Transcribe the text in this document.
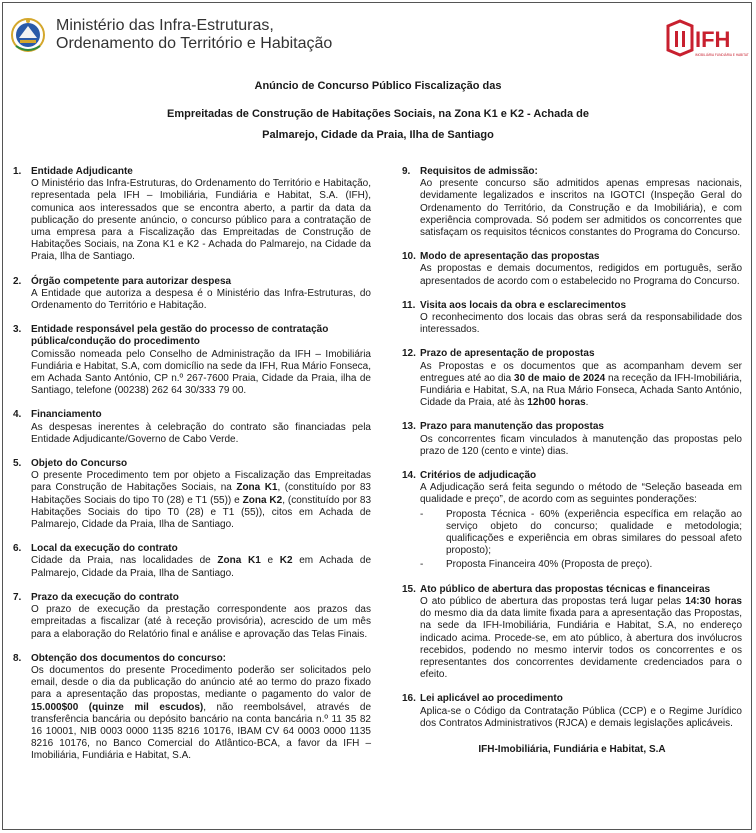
Ministério das Infra-Estruturas,
Ordenamento do Território e Habitação	IFH
IMOBILIÁRIA FUNDIÁRIA E HABITAT
Anúncio de Concurso Público Fiscalização das
Empreitadas de Construção de Habitações Sociais, na Zona K1 e K2 - Achada de
Palmarejo, Cidade da Praia, Ilha de Santiago
1. Entidade Adjudicante
O Ministério das Infra-Estruturas, do Ordenamento do Território e Habitação, representada pela IFH – Imobiliária, Fundiária e Habitat, S.A. (IFH), comunica aos interessados que se encontra aberto, a partir da data da publicação do presente anúncio, o concurso público para a contratação de uma empresa para a Fiscalização das Empreitadas de Construção de Habitações Sociais, na Zona K1 e K2 - Achada do Palmarejo, na Cidade da Praia, Ilha de Santiago.
2. Órgão competente para autorizar despesa
A Entidade que autoriza a despesa é o Ministério das Infra-Estruturas, do Ordenamento do Território e Habitação.
3. Entidade responsável pela gestão do processo de contratação pública/condução do procedimento
Comissão nomeada pelo Conselho de Administração da IFH – Imobiliária Fundiária e Habitat, S.A, com domicílio na sede da IFH, Rua Mário Fonseca, em Achada Santo António, CP n.º 267-7600 Praia, Cidade da Praia, ilha de Santiago, telefone (00238) 262 64 30/333 79 00.
4. Financiamento
As despesas inerentes à celebração do contrato são financiadas pela Entidade Adjudicante/Governo de Cabo Verde.
5. Objeto do Concurso
O presente Procedimento tem por objeto a Fiscalização das Empreitadas para Construção de Habitações Sociais, na Zona K1, (constituído por 83 Habitações Sociais do tipo T0 (28) e T1 (55)) e Zona K2, (constituído por 83 Habitações Sociais do tipo T0 (28) e T1 (55)), citos em Achada de Palmarejo, Cidade da Praia, Ilha de Santiago.
6. Local da execução do contrato
Cidade da Praia, nas localidades de Zona K1 e K2 em Achada de Palmarejo, Cidade da Praia, Ilha de Santiago.
7. Prazo da execução do contrato
O prazo de execução da prestação correspondente aos prazos das empreitadas a fiscalizar (até à receção provisória), acrescido de um mês para a elaboração do Relatório final e análise e aprovação das Telas Finais.
8. Obtenção dos documentos do concurso:
Os documentos do presente Procedimento poderão ser solicitados pelo email, desde o dia da publicação do anúncio até ao termo do prazo fixado para a apresentação das propostas, mediante o pagamento do valor de 15.000$00 (quinze mil escudos), não reembolsável, através de transferência bancária ou depósito bancário na conta bancária n.º 11 35 82 16 10001, NIB 0003 0000 1135 8216 10176, IBAM CV 64 0003 0000 1135 8216 10176, no Banco Comercial do Atlântico-BCA, a favor da IFH – Imobiliária, Fundiária e Habitat, S.A.
9. Requisitos de admissão:
Ao presente concurso são admitidos apenas empresas nacionais, devidamente legalizados e inscritos na IGOTCI (Inspeção Geral do Ordenamento do Território, da Construção e da Imobiliária), e com experiência comprovada. Só podem ser admitidos os concorrentes que satisfaçam os requisitos técnicos constantes do Programa do Concurso.
10. Modo de apresentação das propostas
As propostas e demais documentos, redigidos em português, serão apresentados de acordo com o estabelecido no Programa do Concurso.
11. Visita aos locais da obra e esclarecimentos
O reconhecimento dos locais das obras será da responsabilidade dos interessados.
12. Prazo de apresentação de propostas
As Propostas e os documentos que as acompanham devem ser entregues até ao dia 30 de maio de 2024 na receção da IFH-Imobiliária, Fundiária e Habitat, S.A, na Rua Mário Fonseca, Achada Santo António, Cidade da Praia, até às 12h00 horas.
13. Prazo para manutenção das propostas
Os concorrentes ficam vinculados à manutenção das propostas pelo prazo de 120 (cento e vinte) dias.
14. Critérios de adjudicação
A Adjudicação será feita segundo o método de “Seleção baseada em qualidade e preço”, de acordo com as seguintes ponderações:
-	Proposta Técnica - 60% (experiência específica em relação ao serviço objeto do concurso; qualidade e metodologia; qualificações e experiência em obras similares do pessoal afeto proposto);
-	Proposta Financeira 40% (Proposta de preço).
15. Ato público de abertura das propostas técnicas e financeiras
O ato público de abertura das propostas terá lugar pelas 14:30 horas do mesmo dia da data limite fixada para a apresentação das Propostas, na sede da IFH-Imobiliária, Fundiária e Habitat, S.A, no endereço indicado acima. Procede-se, em ato público, à abertura dos invólucros recebidos, podendo no mesmo intervir todos os concorrentes e os representantes dos concorrentes devidamente credenciados para o efeito.
16. Lei aplicável ao procedimento
Aplica-se o Código da Contratação Pública (CCP) e o Regime Jurídico dos Contratos Administrativos (RJCA) e demais legislações aplicáveis.
IFH-Imobiliária, Fundiária e Habitat, S.A
